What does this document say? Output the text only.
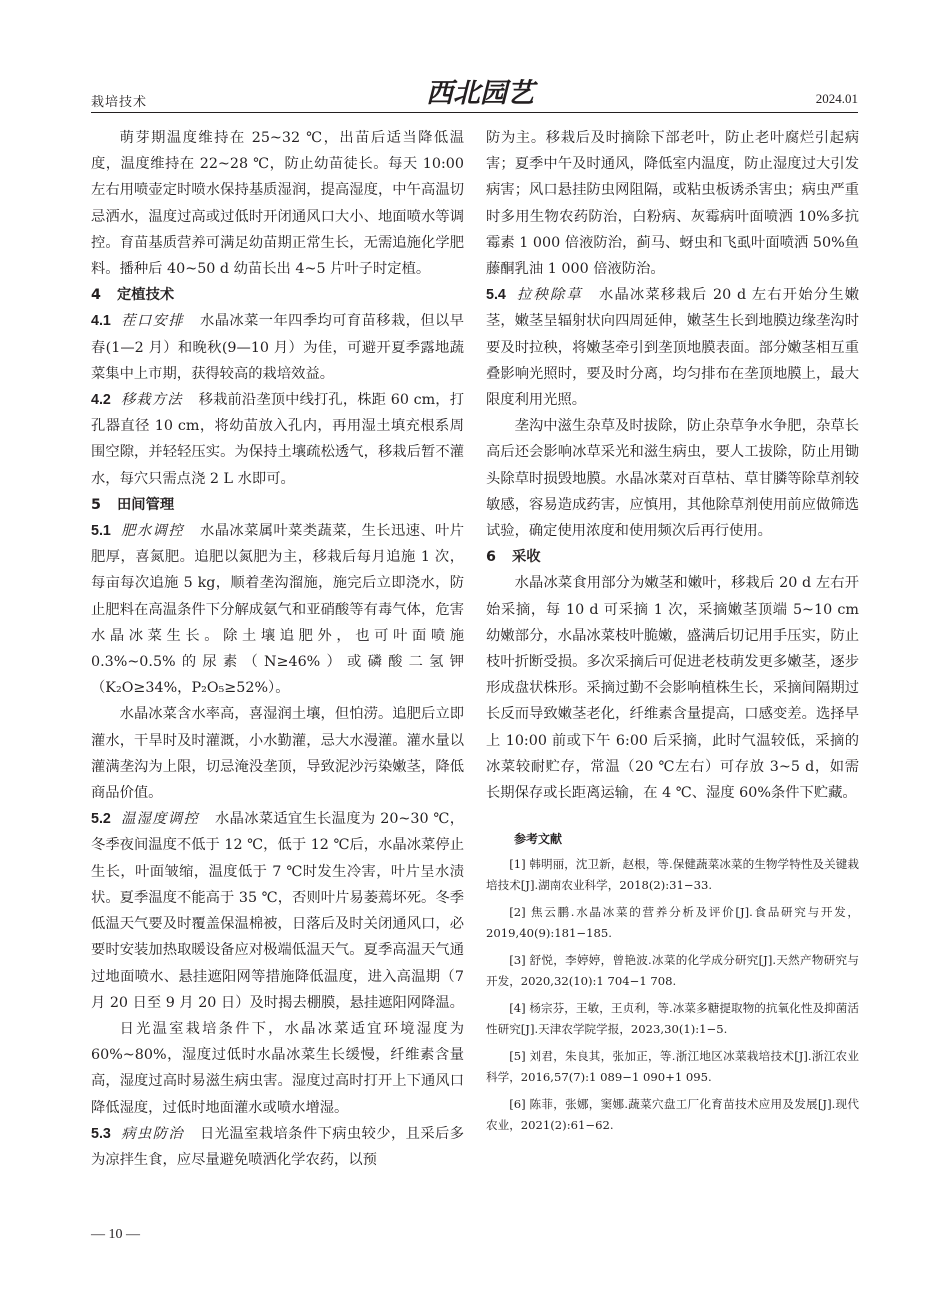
栽培技术	西北园艺	2024.01

萌芽期温度维持在 25~32 ℃，出苗后适当降低温度，温度维持在 22~28 ℃，防止幼苗徒长。每天 10:00 左右用喷壶定时喷水保持基质湿润，提高湿度，中午高温切忌洒水，温度过高或过低时开闭通风口大小、地面喷水等调控。育苗基质营养可满足幼苗期正常生长，无需追施化学肥料。播种后 40~50 d 幼苗长出 4~5 片叶子时定植。

4 定植技术

4.1 茬口安排 水晶冰菜一年四季均可育苗移栽，但以早春(1—2 月）和晚秋(9—10 月）为佳，可避开夏季露地蔬菜集中上市期，获得较高的栽培效益。

4.2 移栽方法 移栽前沿垄顶中线打孔，株距 60 cm，打孔器直径 10 cm，将幼苗放入孔内，再用湿土填充根系周围空隙，并轻轻压实。为保持土壤疏松透气，移栽后暂不灌水，每穴只需点浇 2 L 水即可。

5 田间管理

5.1 肥水调控 水晶冰菜属叶菜类蔬菜，生长迅速、叶片肥厚，喜氮肥。追肥以氮肥为主，移栽后每月追施 1 次，每亩每次追施 5 kg，顺着垄沟溜施，施完后立即浇水，防止肥料在高温条件下分解成氨气和亚硝酸等有毒气体，危害水晶冰菜生长。除土壤追肥外，也可叶面喷施 0.3%~0.5%的尿素（N≥46%）或磷酸二氢钾（K₂O≥34%，P₂O₅≥52%）。

水晶冰菜含水率高，喜湿润土壤，但怕涝。追肥后立即灌水，干旱时及时灌溉，小水勤灌，忌大水漫灌。灌水量以灌满垄沟为上限，切忌淹没垄顶，导致泥沙污染嫩茎，降低商品价值。

5.2 温湿度调控 水晶冰菜适宜生长温度为 20~30 ℃，冬季夜间温度不低于 12 ℃，低于 12 ℃后，水晶冰菜停止生长，叶面皱缩，温度低于 7 ℃时发生冷害，叶片呈水渍状。夏季温度不能高于 35 ℃，否则叶片易萎蔫坏死。冬季低温天气要及时覆盖保温棉被，日落后及时关闭通风口，必要时安装加热取暖设备应对极端低温天气。夏季高温天气通过地面喷水、悬挂遮阳网等措施降低温度，进入高温期（7 月 20 日至 9 月 20 日）及时揭去棚膜，悬挂遮阳网降温。

日光温室栽培条件下，水晶冰菜适宜环境湿度为 60%~80%，湿度过低时水晶冰菜生长缓慢，纤维素含量高，湿度过高时易滋生病虫害。湿度过高时打开上下通风口降低湿度，过低时地面灌水或喷水增湿。

5.3 病虫防治 日光温室栽培条件下病虫较少，且采后多为凉拌生食，应尽量避免喷洒化学农药，以预

防为主。移栽后及时摘除下部老叶，防止老叶腐烂引起病害；夏季中午及时通风，降低室内温度，防止湿度过大引发病害；风口悬挂防虫网阻隔，或粘虫板诱杀害虫；病虫严重时多用生物农药防治，白粉病、灰霉病叶面喷洒 10%多抗霉素 1 000 倍液防治，蓟马、蚜虫和飞虱叶面喷洒 50%鱼藤酮乳油 1 000 倍液防治。

5.4 拉秧除草 水晶冰菜移栽后 20 d 左右开始分生嫩茎，嫩茎呈辐射状向四周延伸，嫩茎生长到地膜边缘垄沟时要及时拉秧，将嫩茎牵引到垄顶地膜表面。部分嫩茎相互重叠影响光照时，要及时分离，均匀排布在垄顶地膜上，最大限度利用光照。

垄沟中滋生杂草及时拔除，防止杂草争水争肥，杂草长高后还会影响冰草采光和滋生病虫，要人工拔除，防止用锄头除草时损毁地膜。水晶冰菜对百草枯、草甘膦等除草剂较敏感，容易造成药害，应慎用，其他除草剂使用前应做筛选试验，确定使用浓度和使用频次后再行使用。

6 采收

水晶冰菜食用部分为嫩茎和嫩叶，移栽后 20 d 左右开始采摘，每 10 d 可采摘 1 次，采摘嫩茎顶端 5~10 cm 幼嫩部分，水晶冰菜枝叶脆嫩，盛满后切记用手压实，防止枝叶折断受损。多次采摘后可促进老枝萌发更多嫩茎，逐步形成盘状株形。采摘过勤不会影响植株生长，采摘间隔期过长反而导致嫩茎老化，纤维素含量提高，口感变差。选择早上 10:00 前或下午 6:00 后采摘，此时气温较低，采摘的冰菜较耐贮存，常温（20 ℃左右）可存放 3~5 d，如需长期保存或长距离运输，在 4 ℃、湿度 60%条件下贮藏。

参考文献

[1] 韩明丽，沈卫新，赵根，等.保健蔬菜冰菜的生物学特性及关键栽培技术[J].湖南农业科学，2018(2):31−33.

[2] 焦云鹏.水晶冰菜的营养分析及评价[J].食品研究与开发，2019,40(9):181−185.

[3] 舒悦，李婷婷，曾艳波.冰菜的化学成分研究[J].天然产物研究与开发，2020,32(10):1 704−1 708.

[4] 杨宗芬，王敏，王贞利，等.冰菜多糖提取物的抗氧化性及抑菌活性研究[J].天津农学院学报，2023,30(1):1−5.

[5] 刘君，朱良其，张加正，等.浙江地区冰菜栽培技术[J].浙江农业科学，2016,57(7):1 089−1 090+1 095.

[6] 陈菲，张娜，窦娜.蔬菜穴盘工厂化育苗技术应用及发展[J].现代农业，2021(2):61−62.

— 10 —
